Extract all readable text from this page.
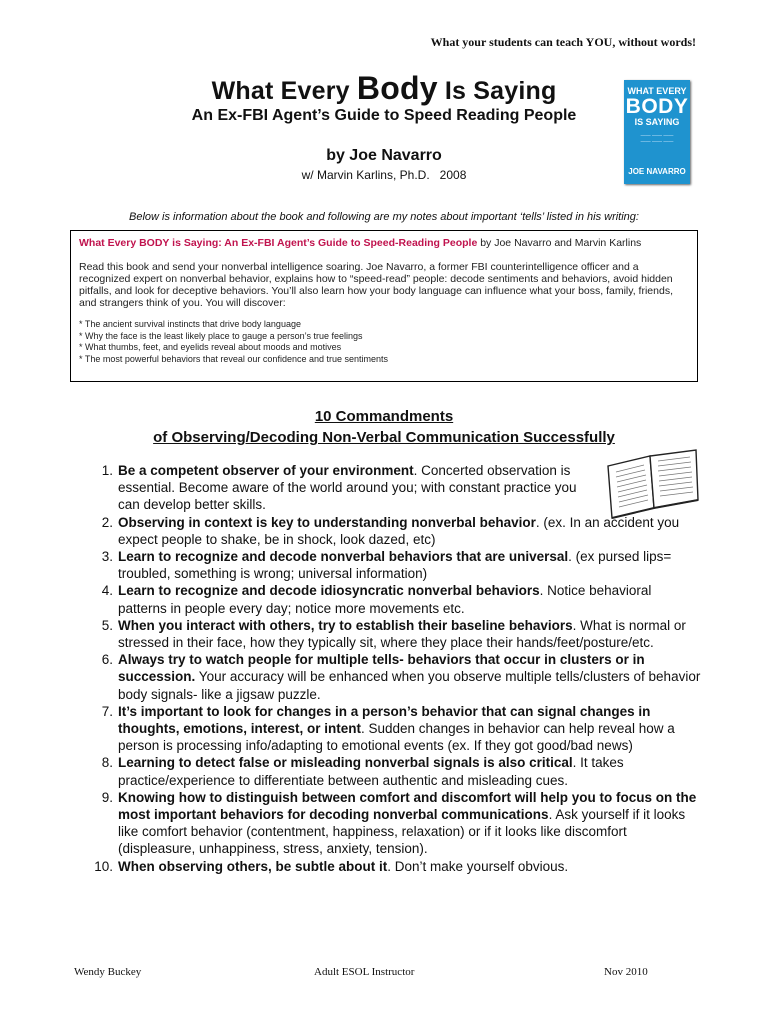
What your students can teach YOU, without words!
What Every Body Is Saying
An Ex-FBI Agent’s Guide to Speed Reading People
by Joe Navarro
w/ Marvin Karlins, Ph.D. 2008
WHAT EVERY
BODY
IS SAYING
—— —— ——
—— —— ——
JOE NAVARRO
Below is information about the book and following are my notes about important ‘tells’ listed in his writing:

What Every BODY is Saying: An Ex-FBI Agent’s Guide to Speed-Reading People by Joe Navarro and Marvin Karlins

Read this book and send your nonverbal intelligence soaring. Joe Navarro, a former FBI counterintelligence officer and a recognized expert on nonverbal behavior, explains how to “speed-read” people: decode sentiments and behaviors, avoid hidden pitfalls, and look for deceptive behaviors. You’ll also learn how your body language can influence what your boss, family, friends, and strangers think of you. You will discover:

* The ancient survival instincts that drive body language
* Why the face is the least likely place to gauge a person’s true feelings
* What thumbs, feet, and eyelids reveal about moods and motives
* The most powerful behaviors that reveal our confidence and true sentiments
10 Commandments
of Observing/Decoding Non-Verbal Communication Successfully
1. Be a competent observer of your environment. Concerted observation is essential. Become aware of the world around you; with constant practice you can develop better skills.
2. Observing in context is key to understanding nonverbal behavior. (ex. In an accident you expect people to shake, be in shock, look dazed, etc)
3. Learn to recognize and decode nonverbal behaviors that are universal. (ex pursed lips= troubled, something is wrong; universal information)
4. Learn to recognize and decode idiosyncratic nonverbal behaviors. Notice behavioral patterns in people every day; notice more movements etc.
5. When you interact with others, try to establish their baseline behaviors. What is normal or stressed in their face, how they typically sit, where they place their hands/feet/posture/etc.
6. Always try to watch people for multiple tells- behaviors that occur in clusters or in succession. Your accuracy will be enhanced when you observe multiple tells/clusters of behavior body signals- like a jigsaw puzzle.
7. It’s important to look for changes in a person’s behavior that can signal changes in thoughts, emotions, interest, or intent. Sudden changes in behavior can help reveal how a person is processing info/adapting to emotional events (ex. If they got good/bad news)
8. Learning to detect false or misleading nonverbal signals is also critical. It takes practice/experience to differentiate between authentic and misleading cues.
9. Knowing how to distinguish between comfort and discomfort will help you to focus on the most important behaviors for decoding nonverbal communications. Ask yourself if it looks like comfort behavior (contentment, happiness, relaxation) or if it looks like discomfort (displeasure, unhappiness, stress, anxiety, tension).
10. When observing others, be subtle about it. Don’t make yourself obvious.
Wendy Buckey	Adult ESOL Instructor	Nov 2010
